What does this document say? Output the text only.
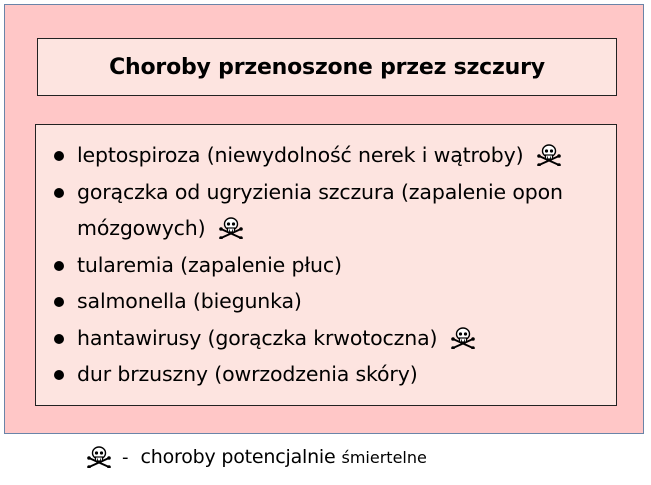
Choroby przenoszone przez szczury
leptospiroza (niewydolność nerek i wątroby)
gorączka od ugryzienia szczura (zapalenie opon mózgowych)
tularemia (zapalenie płuc)
salmonella (biegunka)
hantawirusy (gorączka krwotoczna)
dur brzuszny (owrzodzenia skóry)
- choroby potencjalnie śmiertelne
